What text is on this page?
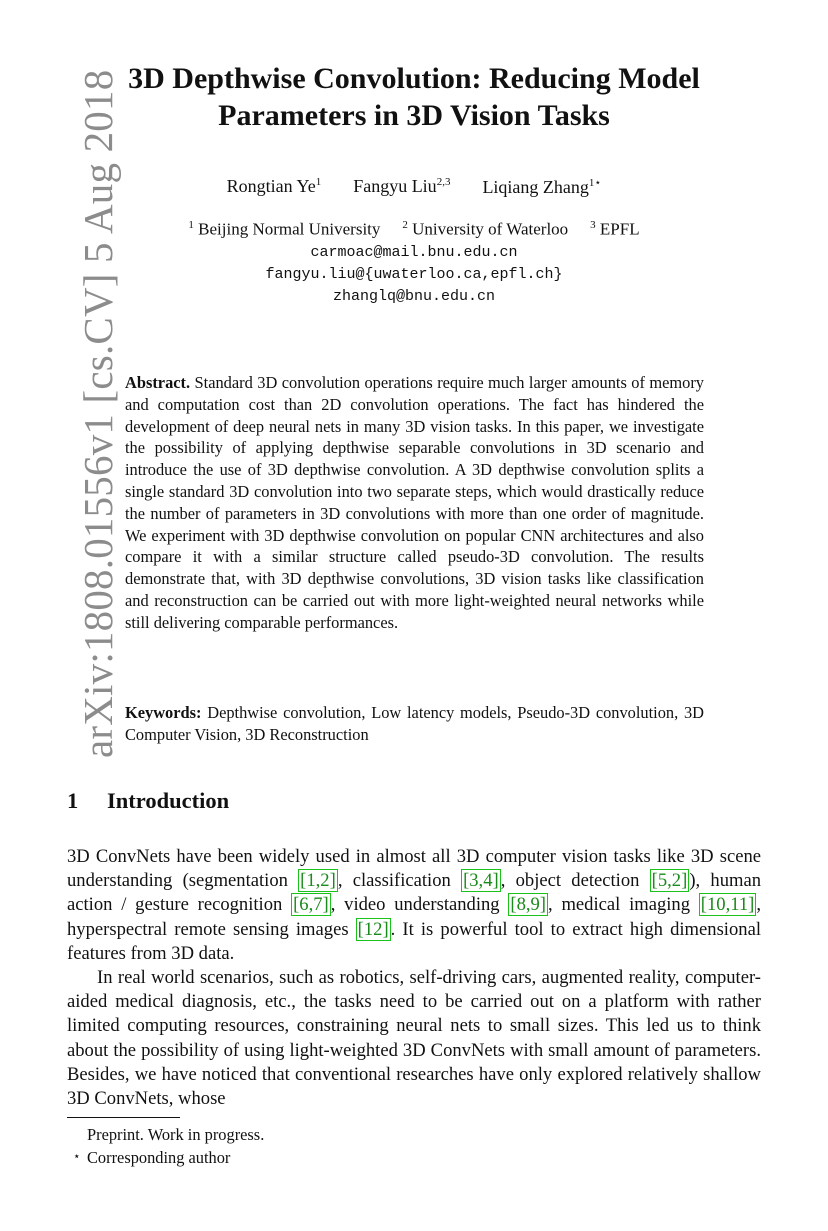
arXiv:1808.01556v1 [cs.CV] 5 Aug 2018 3D Depthwise Convolution: Reducing Model
Parameters in 3D Vision Tasks
Rongtian Ye$^1$ Fangyu Liu$^{2,3}$ Liqiang Zhang$^{1⋆}$
$^1$ Beijing Normal University $^2$ University of Waterloo $^3$ EPFL
carmoac@mail.bnu.edu.cn
fangyu.liu@{uwaterloo.ca,epfl.ch}
zhanglq@bnu.edu.cn
Abstract. Standard 3D convolution operations require much larger amounts of memory and computation cost than 2D convolution operations. The fact has hindered the development of deep neural nets in many 3D vision tasks. In this paper, we investigate the possibility of applying depthwise separable convolutions in 3D scenario and introduce the use of 3D depthwise convolution. A 3D depthwise convolution splits a single standard 3D convolution into two separate steps, which would drastically reduce the number of parameters in 3D convolutions with more than one order of magnitude. We experiment with 3D depthwise convolution on popular CNN architectures and also compare it with a similar structure called pseudo-3D convolution. The results demonstrate that, with 3D depthwise convolutions, 3D vision tasks like classification and reconstruction can be carried out with more light-weighted neural networks while still delivering comparable performances.
Keywords: Depthwise convolution, Low latency models, Pseudo-3D convolution, 3D Computer Vision, 3D Reconstruction
1 Introduction

3D ConvNets have been widely used in almost all 3D computer vision tasks like 3D scene understanding (segmentation [1,2] , classification [3,4] , object detection [5,2] ), human action / gesture recognition [6,7] , video understanding [8,9] , medical imaging [10,11] , hyperspectral remote sensing images [12] . It is powerful tool to extract high dimensional features from 3D data.

In real world scenarios, such as robotics, self-driving cars, augmented reality, computer-aided medical diagnosis, etc., the tasks need to be carried out on a platform with rather limited computing resources, constraining neural nets to small sizes. This led us to think about the possibility of using light-weighted 3D ConvNets with small amount of parameters. Besides, we have noticed that conventional researches have only explored relatively shallow 3D ConvNets, whose

Preprint. Work in progress.
⋆ Corresponding author
